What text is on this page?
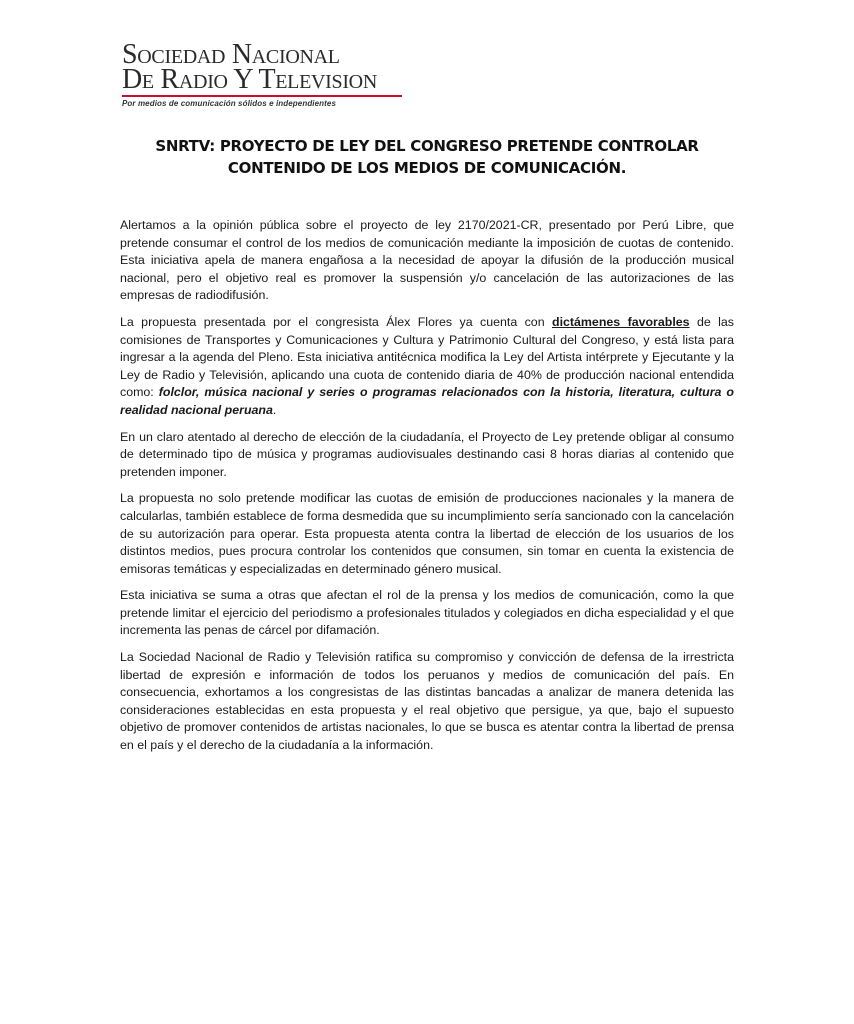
Sociedad Nacional
De Radio Y Television
Por medios de comunicación sólidos e independientes
SNRTV: PROYECTO DE LEY DEL CONGRESO PRETENDE CONTROLAR
CONTENIDO DE LOS MEDIOS DE COMUNICACIÓN.

Alertamos a la opinión pública sobre el proyecto de ley 2170/2021-CR, presentado por Perú Libre, que pretende consumar el control de los medios de comunicación mediante la imposición de cuotas de contenido. Esta iniciativa apela de manera engañosa a la necesidad de apoyar la difusión de la producción musical nacional, pero el objetivo real es promover la suspensión y/o cancelación de las autorizaciones de las empresas de radiodifusión.

La propuesta presentada por el congresista Álex Flores ya cuenta con dictámenes favorables de las comisiones de Transportes y Comunicaciones y Cultura y Patrimonio Cultural del Congreso, y está lista para ingresar a la agenda del Pleno. Esta iniciativa antitécnica modifica la Ley del Artista intérprete y Ejecutante y la Ley de Radio y Televisión, aplicando una cuota de contenido diaria de 40% de producción nacional entendida como: folclor, música nacional y series o programas relacionados con la historia, literatura, cultura o realidad nacional peruana.

En un claro atentado al derecho de elección de la ciudadanía, el Proyecto de Ley pretende obligar al consumo de determinado tipo de música y programas audiovisuales destinando casi 8 horas diarias al contenido que pretenden imponer.

La propuesta no solo pretende modificar las cuotas de emisión de producciones nacionales y la manera de calcularlas, también establece de forma desmedida que su incumplimiento sería sancionado con la cancelación de su autorización para operar. Esta propuesta atenta contra la libertad de elección de los usuarios de los distintos medios, pues procura controlar los contenidos que consumen, sin tomar en cuenta la existencia de emisoras temáticas y especializadas en determinado género musical.

Esta iniciativa se suma a otras que afectan el rol de la prensa y los medios de comunicación, como la que pretende limitar el ejercicio del periodismo a profesionales titulados y colegiados en dicha especialidad y el que incrementa las penas de cárcel por difamación.

La Sociedad Nacional de Radio y Televisión ratifica su compromiso y convicción de defensa de la irrestricta libertad de expresión e información de todos los peruanos y medios de comunicación del país. En consecuencia, exhortamos a los congresistas de las distintas bancadas a analizar de manera detenida las consideraciones establecidas en esta propuesta y el real objetivo que persigue, ya que, bajo el supuesto objetivo de promover contenidos de artistas nacionales, lo que se busca es atentar contra la libertad de prensa en el país y el derecho de la ciudadanía a la información.
